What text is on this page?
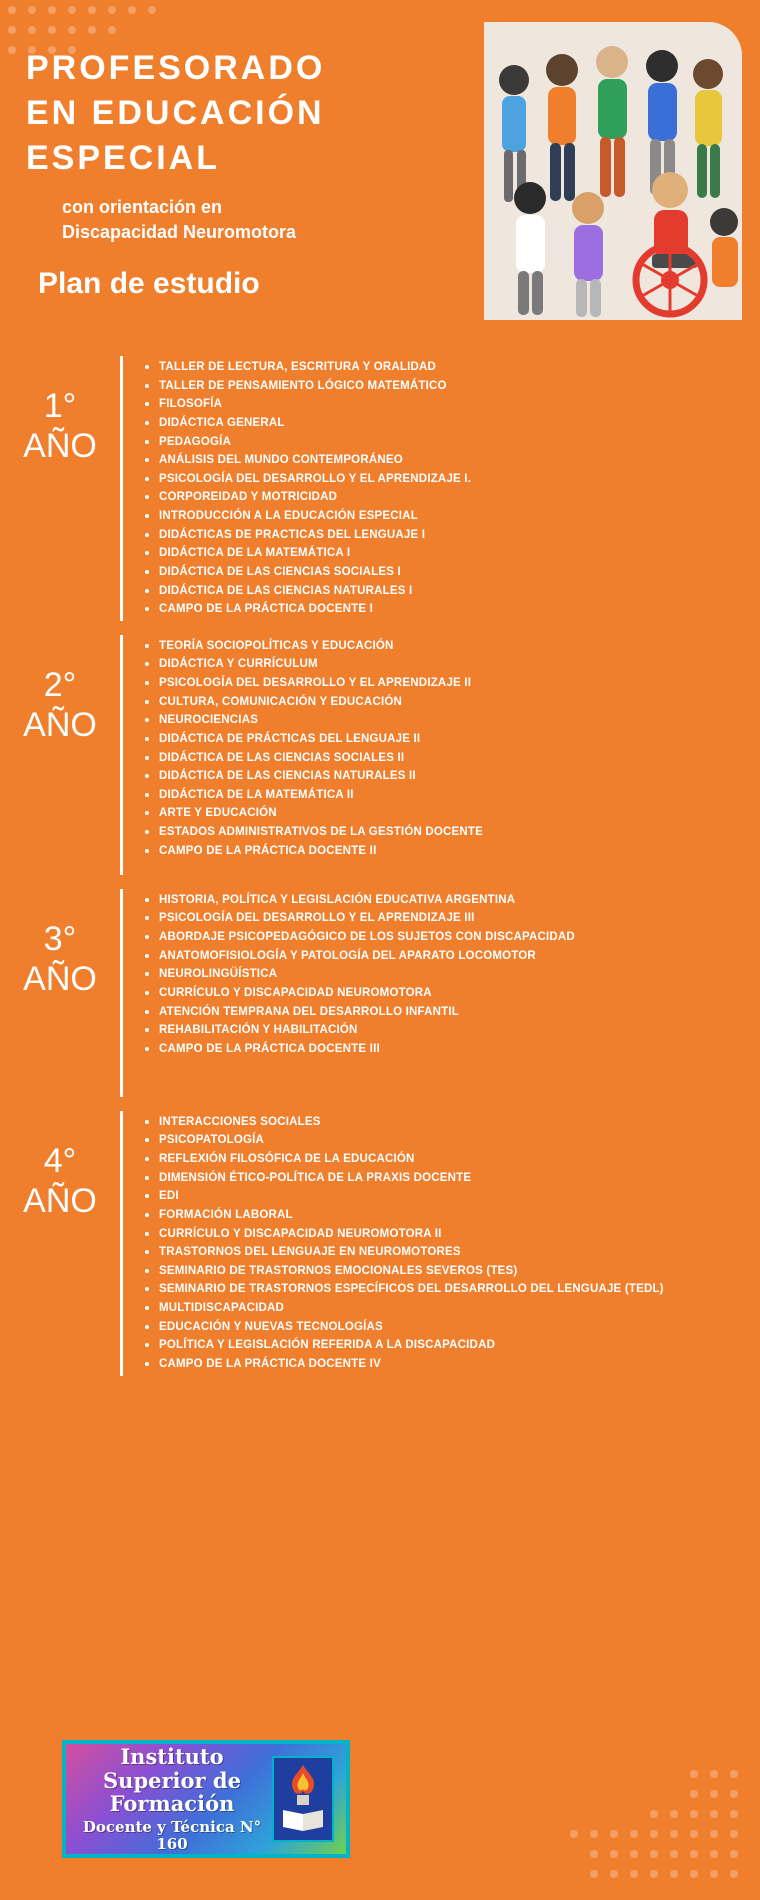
PROFESORADO
EN EDUCACIÓN
ESPECIAL
con orientación en
Discapacidad Neuromotora
Plan de estudio
1°
AÑO
TALLER DE LECTURA, ESCRITURA Y ORALIDAD
TALLER DE PENSAMIENTO LÓGICO MATEMÁTICO
FILOSOFÍA
DIDÁCTICA GENERAL
PEDAGOGÍA
ANÁLISIS DEL MUNDO CONTEMPORÁNEO
PSICOLOGÍA DEL DESARROLLO Y EL APRENDIZAJE I.
CORPOREIDAD Y MOTRICIDAD
INTRODUCCIÓN A LA EDUCACIÓN ESPECIAL
DIDÁCTICAS DE PRACTICAS DEL LENGUAJE I
DIDÁCTICA DE LA MATEMÁTICA I
DIDÁCTICA DE LAS CIENCIAS SOCIALES I
DIDÁCTICA DE LAS CIENCIAS NATURALES I
CAMPO DE LA PRÁCTICA DOCENTE I
2°
AÑO
TEORÍA SOCIOPOLÍTICAS Y EDUCACIÓN
DIDÁCTICA Y CURRÍCULUM
PSICOLOGÍA DEL DESARROLLO Y EL APRENDIZAJE II
CULTURA, COMUNICACIÓN Y EDUCACIÓN
NEUROCIENCIAS
DIDÁCTICA DE PRÁCTICAS DEL LENGUAJE II
DIDÁCTICA DE LAS CIENCIAS SOCIALES II
DIDÁCTICA DE LAS CIENCIAS NATURALES II
DIDÁCTICA DE LA MATEMÁTICA II
ARTE Y EDUCACIÓN
ESTADOS ADMINISTRATIVOS DE LA GESTIÓN DOCENTE
CAMPO DE LA PRÁCTICA DOCENTE II
3°
AÑO
HISTORIA, POLÍTICA Y LEGISLACIÓN EDUCATIVA ARGENTINA
PSICOLOGÍA DEL DESARROLLO Y EL APRENDIZAJE III
ABORDAJE PSICOPEDAGÓGICO DE LOS SUJETOS CON DISCAPACIDAD
ANATOMOFISIOLOGÍA Y PATOLOGÍA DEL APARATO LOCOMOTOR
NEUROLINGÜÍSTICA
CURRÍCULO Y DISCAPACIDAD NEUROMOTORA
ATENCIÓN TEMPRANA DEL DESARROLLO INFANTIL
REHABILITACIÓN Y HABILITACIÓN
CAMPO DE LA PRÁCTICA DOCENTE III
4°
AÑO
INTERACCIONES SOCIALES
PSICOPATOLOGÍA
REFLEXIÓN FILOSÓFICA DE LA EDUCACIÓN
DIMENSIÓN ÉTICO-POLÍTICA DE LA PRAXIS DOCENTE
EDI
FORMACIÓN LABORAL
CURRÍCULO Y DISCAPACIDAD NEUROMOTORA II
TRASTORNOS DEL LENGUAJE EN NEUROMOTORES
SEMINARIO DE TRASTORNOS EMOCIONALES SEVEROS (TES)
SEMINARIO DE TRASTORNOS ESPECÍFICOS DEL DESARROLLO DEL LENGUAJE (TEDL)
MULTIDISCAPACIDAD
EDUCACIÓN Y NUEVAS TECNOLOGÍAS
POLÍTICA Y LEGISLACIÓN REFERIDA A LA DISCAPACIDAD
CAMPO DE LA PRÁCTICA DOCENTE IV
Instituto
Superior de
Formación
Docente y Técnica N° 160
